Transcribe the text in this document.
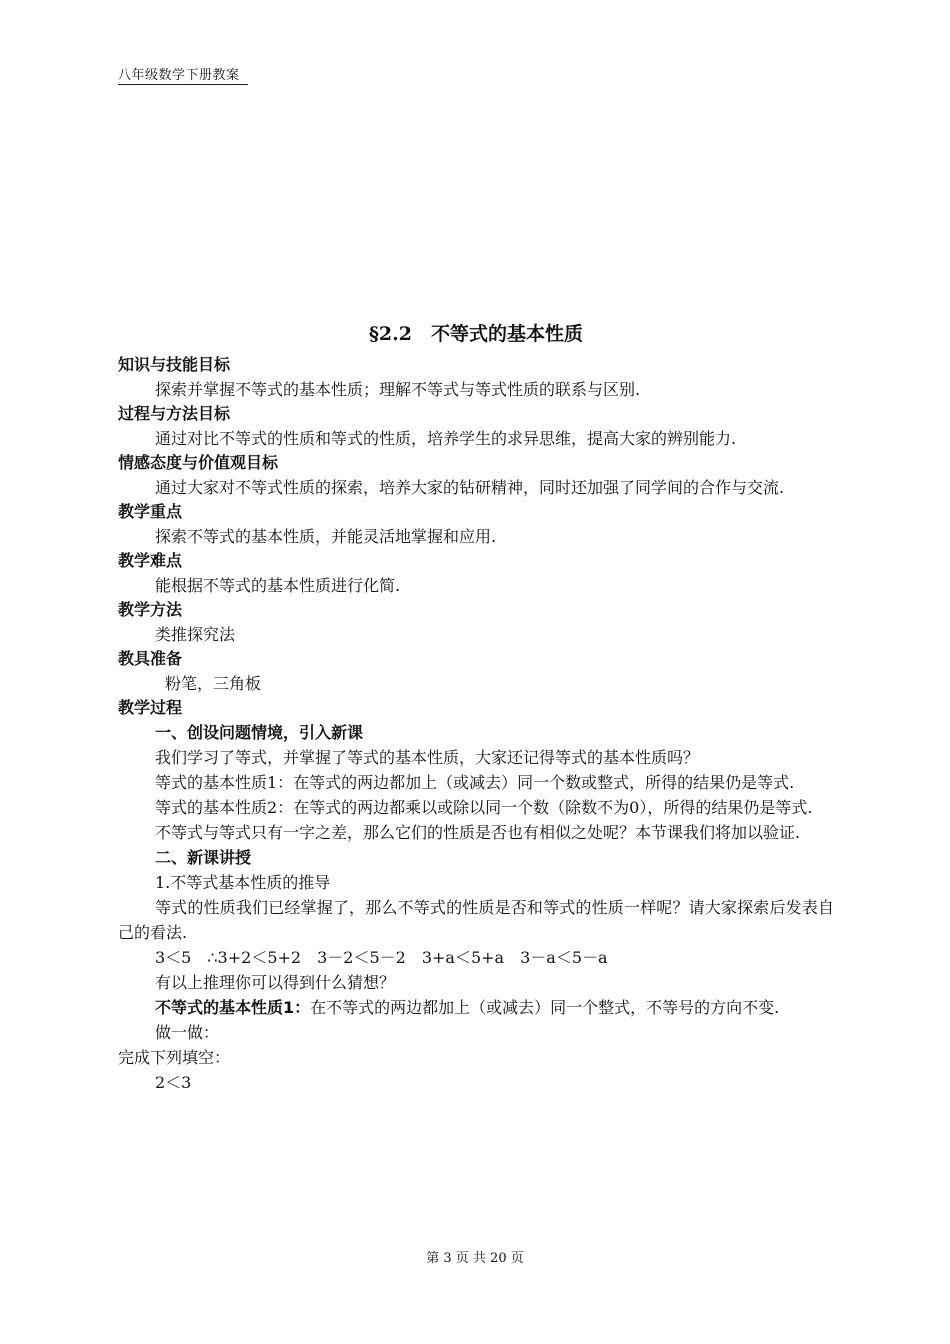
八年级数学下册教案
§2.2　不等式的基本性质

知识与技能目标

探索并掌握不等式的基本性质；理解不等式与等式性质的联系与区别.

过程与方法目标

通过对比不等式的性质和等式的性质，培养学生的求异思维，提高大家的辨别能力.

情感态度与价值观目标

通过大家对不等式性质的探索，培养大家的钻研精神，同时还加强了同学间的合作与交流.

教学重点

探索不等式的基本性质，并能灵活地掌握和应用.

教学难点

能根据不等式的基本性质进行化简.

教学方法

类推探究法

教具准备

粉笔，三角板

教学过程

一、创设问题情境，引入新课

我们学习了等式，并掌握了等式的基本性质，大家还记得等式的基本性质吗？

等式的基本性质1：在等式的两边都加上（或减去）同一个数或整式，所得的结果仍是等式.

等式的基本性质2：在等式的两边都乘以或除以同一个数（除数不为0），所得的结果仍是等式.

不等式与等式只有一字之差，那么它们的性质是否也有相似之处呢？本节课我们将加以验证.

二、新课讲授

1.不等式基本性质的推导

等式的性质我们已经掌握了，那么不等式的性质是否和等式的性质一样呢？请大家探索后发表自己的看法.

3＜5 ∴3+2＜5+2 3－2＜5－2 3+a＜5+a 3－a＜5－a

有以上推理你可以得到什么猜想？

不等式的基本性质1：在不等式的两边都加上（或减去）同一个整式，不等号的方向不变.

做一做：

完成下列填空：

2＜3

第 3 页 共 20 页
